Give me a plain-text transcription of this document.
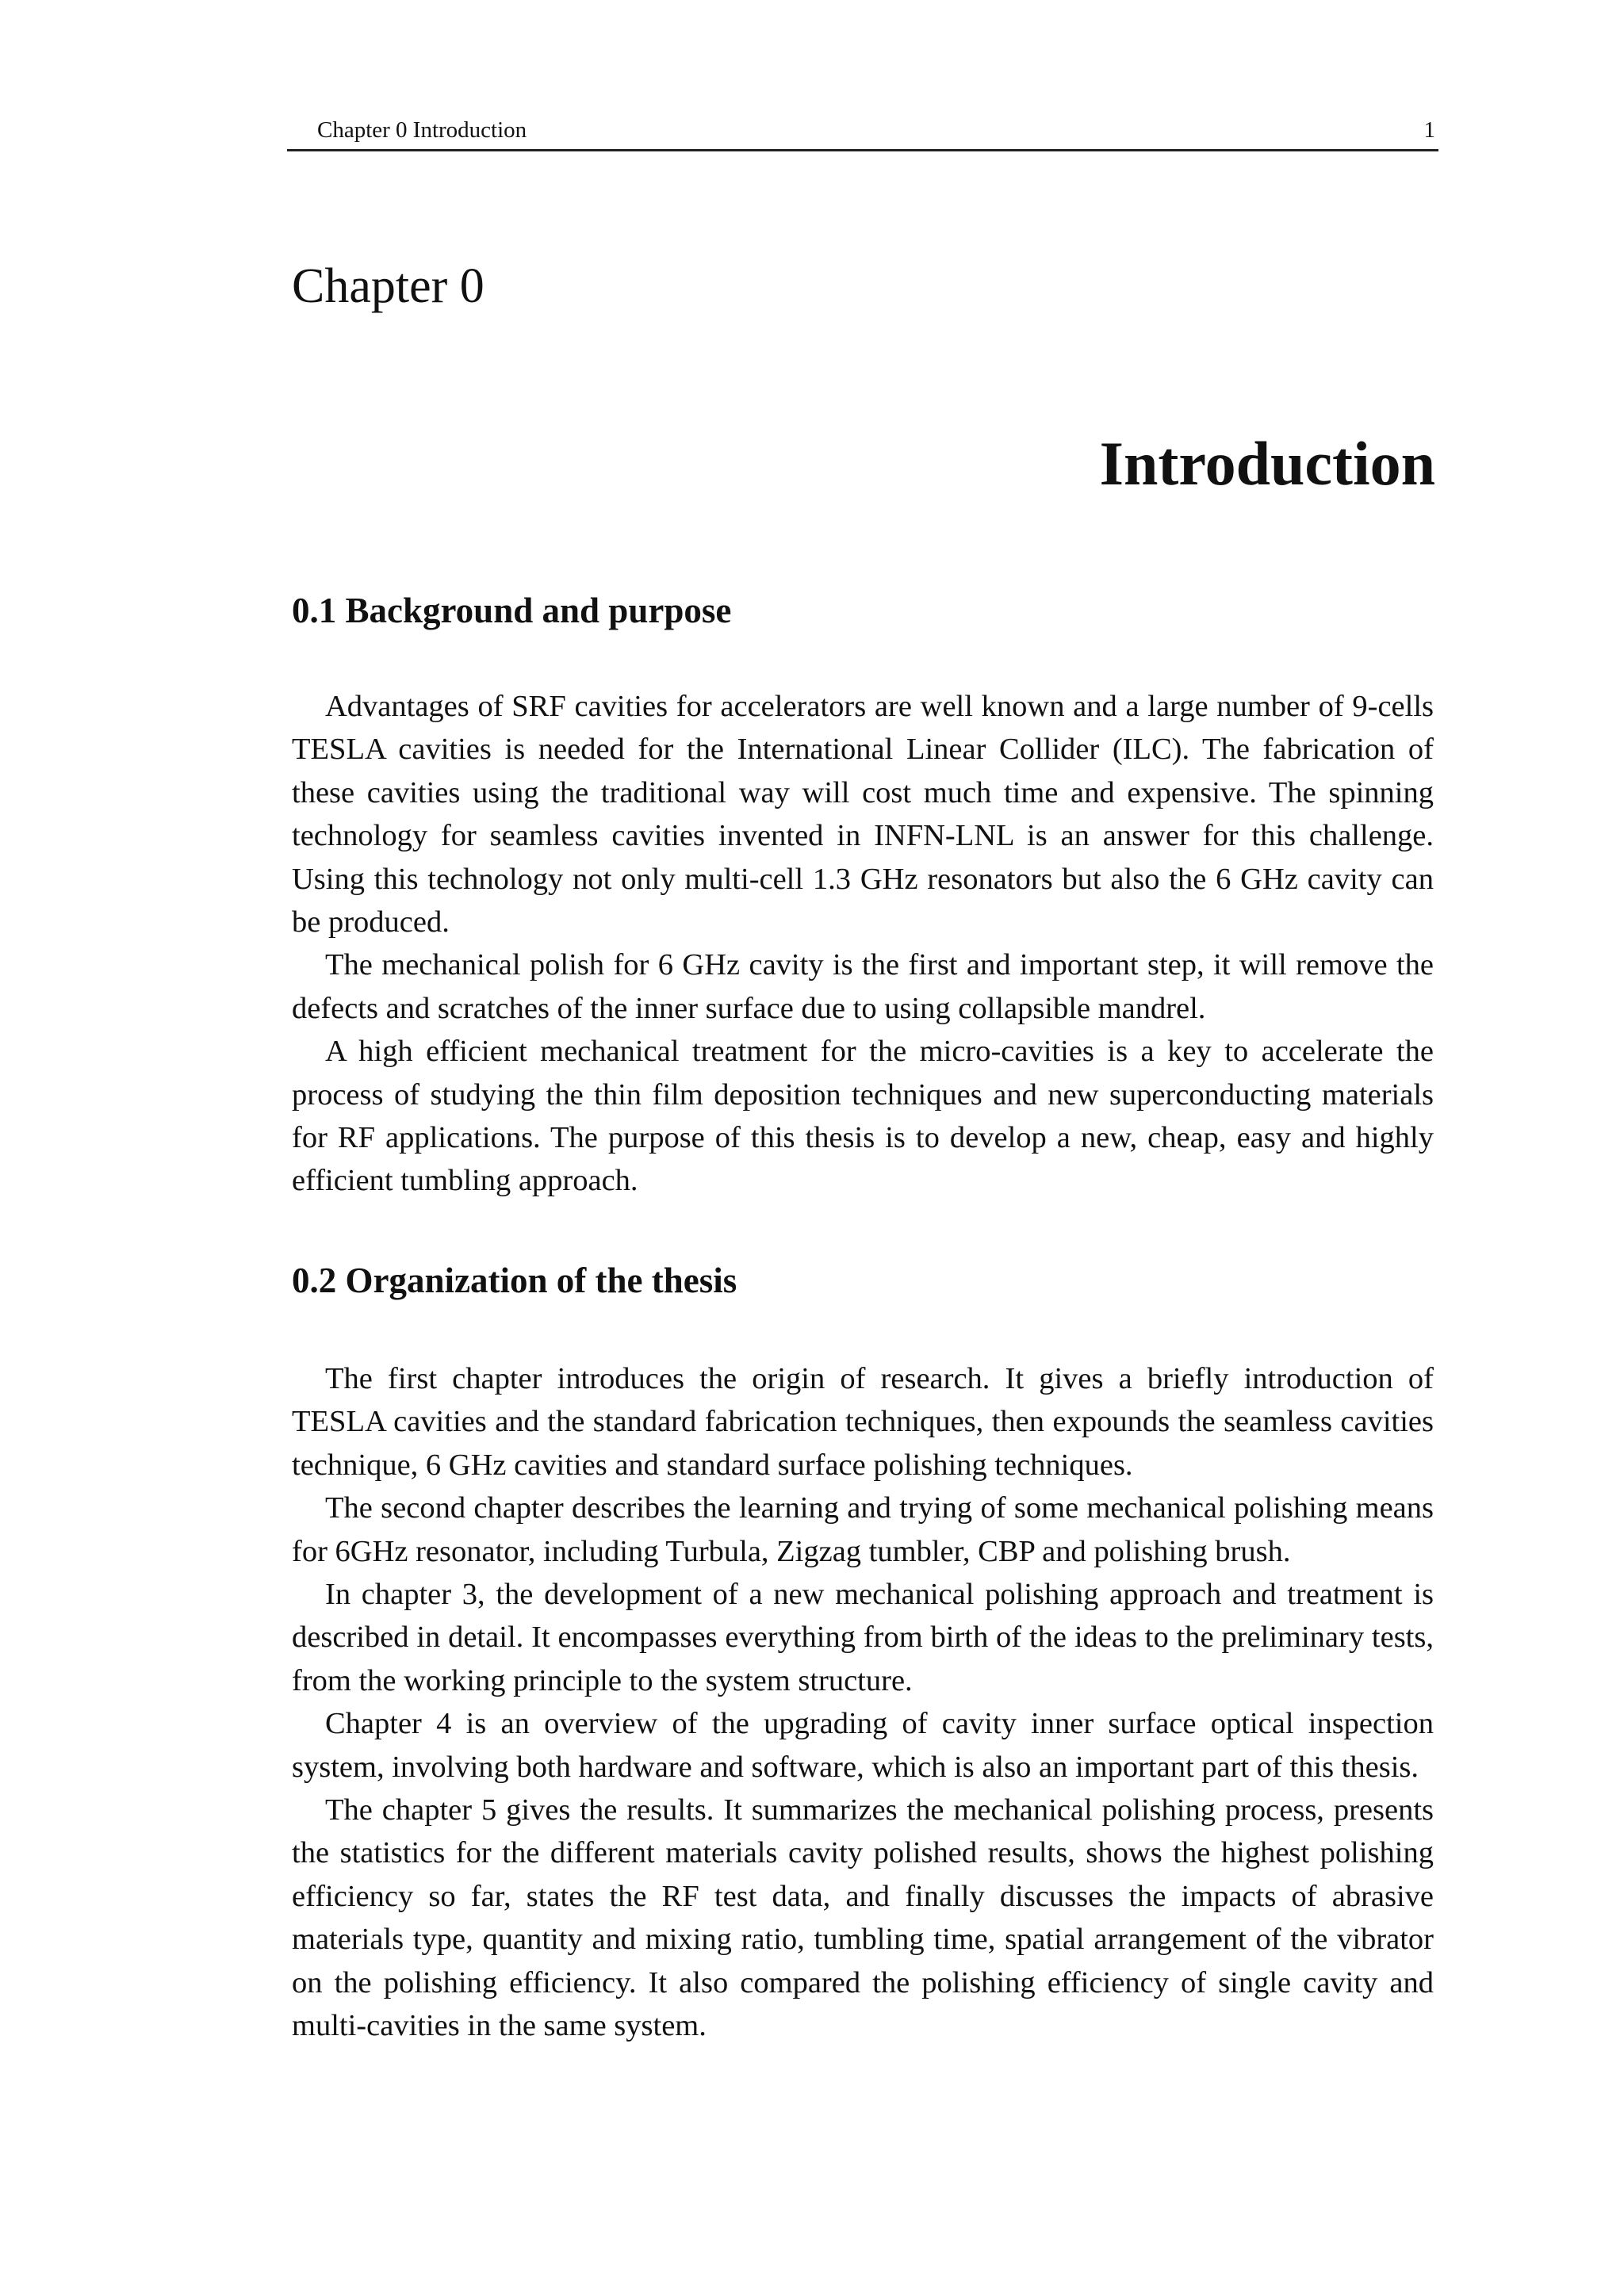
Chapter 0 Introduction	1
Chapter 0
Introduction
0.1 Background and purpose

Advantages of SRF cavities for accelerators are well known and a large number of 9-cells TESLA cavities is needed for the International Linear Collider (ILC). The fabrication of these cavities using the traditional way will cost much time and expensive. The spinning technology for seamless cavities invented in INFN-LNL is an answer for this challenge. Using this technology not only multi-cell 1.3 GHz resonators but also the 6 GHz cavity can be produced.

The mechanical polish for 6 GHz cavity is the first and important step, it will remove the defects and scratches of the inner surface due to using collapsible mandrel.

A high efficient mechanical treatment for the micro-cavities is a key to accelerate the process of studying the thin film deposition techniques and new superconducting materials for RF applications. The purpose of this thesis is to develop a new, cheap, easy and highly efficient tumbling approach.

0.2 Organization of the thesis

The first chapter introduces the origin of research. It gives a briefly introduction of TESLA cavities and the standard fabrication techniques, then expounds the seamless cavities technique, 6 GHz cavities and standard surface polishing techniques.

The second chapter describes the learning and trying of some mechanical polishing means for 6GHz resonator, including Turbula, Zigzag tumbler, CBP and polishing brush.

In chapter 3, the development of a new mechanical polishing approach and treatment is described in detail. It encompasses everything from birth of the ideas to the preliminary tests, from the working principle to the system structure.

Chapter 4 is an overview of the upgrading of cavity inner surface optical inspection system, involving both hardware and software, which is also an important part of this thesis.

The chapter 5 gives the results. It summarizes the mechanical polishing process, presents the statistics for the different materials cavity polished results, shows the highest polishing efficiency so far, states the RF test data, and finally discusses the impacts of abrasive materials type, quantity and mixing ratio, tumbling time, spatial arrangement of the vibrator on the polishing efficiency. It also compared the polishing efficiency of single cavity and multi-cavities in the same system.
